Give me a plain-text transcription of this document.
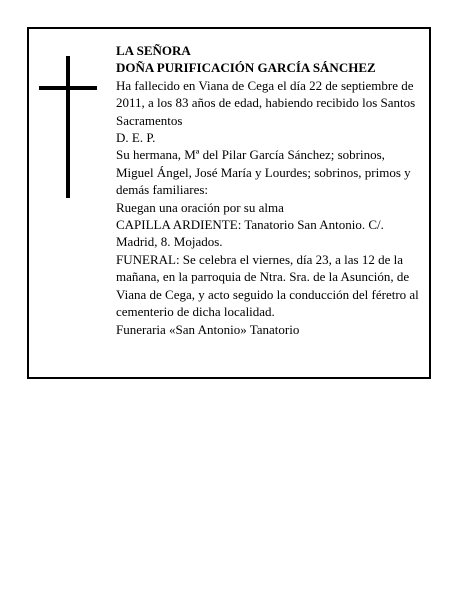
LA SEÑORA

DOÑA PURIFICACIÓN GARCÍA SÁNCHEZ

Ha fallecido en Viana de Cega el día 22 de septiembre de 2011, a los 83 años de edad, habiendo recibido los Santos Sacramentos

D. E. P.

Su hermana, Mª del Pilar García Sánchez; sobrinos, Miguel Ángel, José María y Lourdes; sobrinos, primos y demás familiares:

Ruegan una oración por su alma

CAPILLA ARDIENTE: Tanatorio San Antonio. C/. Madrid, 8. Mojados.

FUNERAL: Se celebra el viernes, día 23, a las 12 de la mañana, en la parroquia de Ntra. Sra. de la Asunción, de Viana de Cega, y acto seguido la conducción del féretro al cementerio de dicha localidad.

Funeraria «San Antonio» Tanatorio
